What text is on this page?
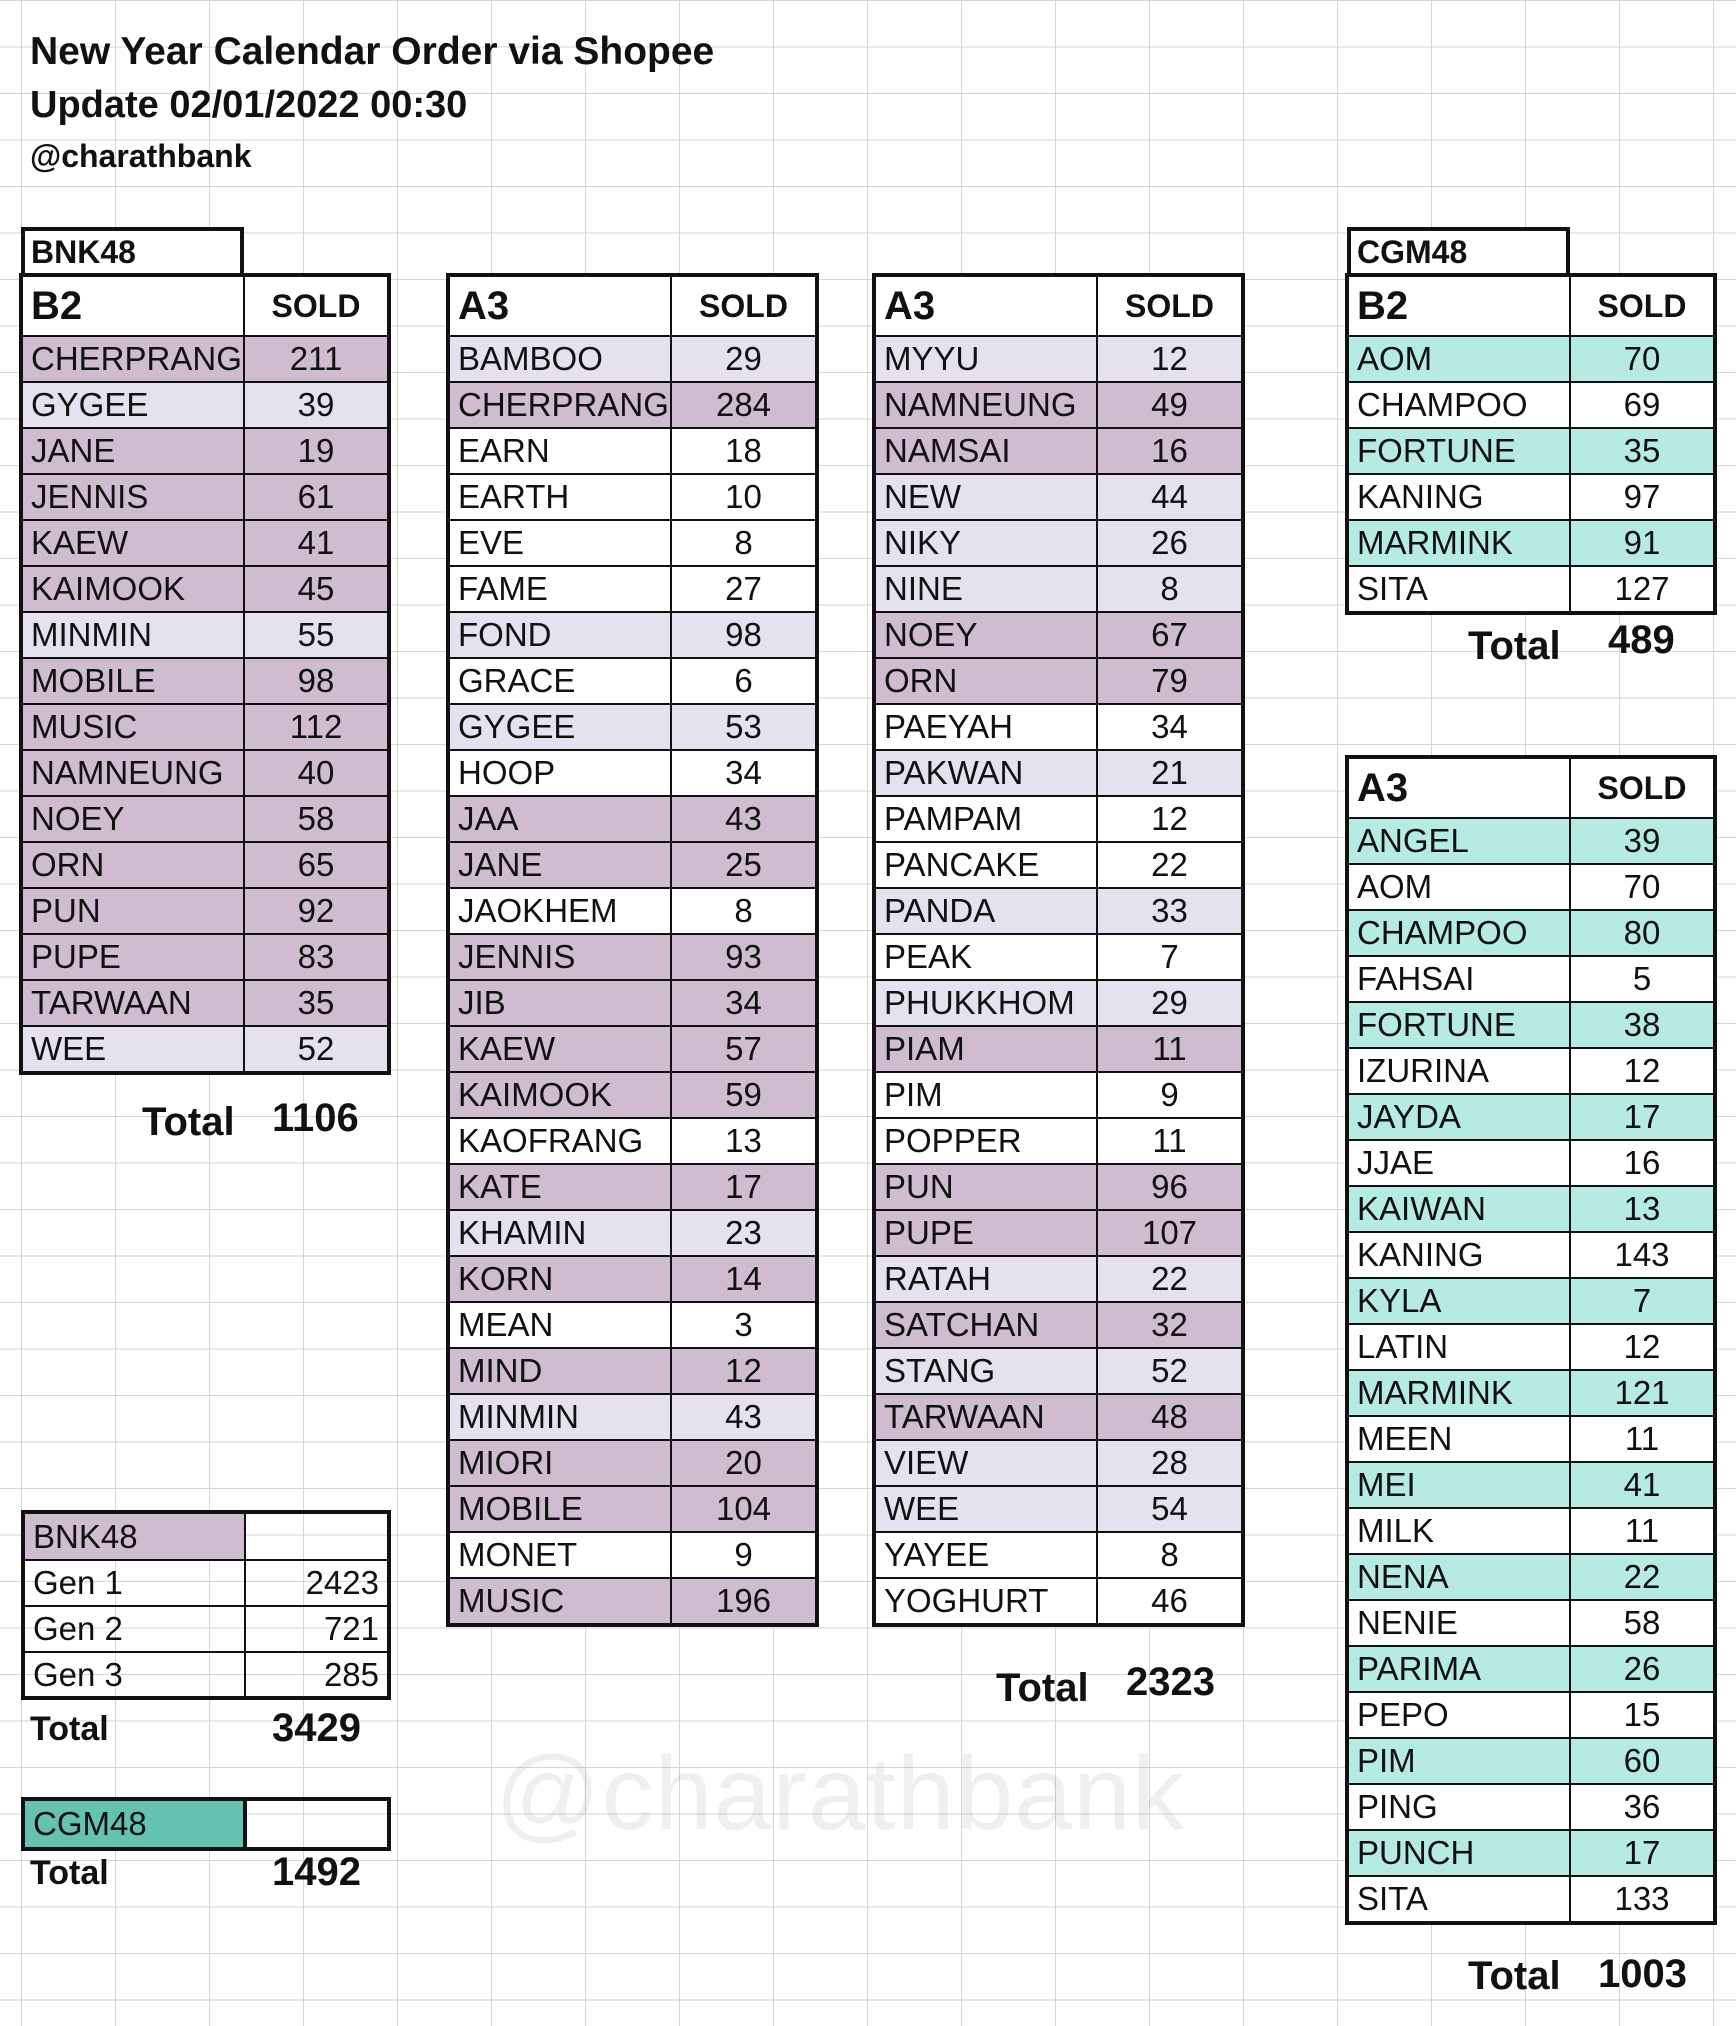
New Year Calendar Order via Shopee
Update 02/01/2022 00:30
@charathbank
BNK48
B2	SOLD
CHERPRANG	211
GYGEE	39
JANE	19
JENNIS	61
KAEW	41
KAIMOOK	45
MINMIN	55
MOBILE	98
MUSIC	112
NAMNEUNG	40
NOEY	58
ORN	65
PUN	92
PUPE	83
TARWAAN	35
WEE	52
Total 1106
A3	SOLD
BAMBOO	29
CHERPRANG	284
EARN	18
EARTH	10
EVE	8
FAME	27
FOND	98
GRACE	6
GYGEE	53
HOOP	34
JAA	43
JANE	25
JAOKHEM	8
JENNIS	93
JIB	34
KAEW	57
KAIMOOK	59
KAOFRANG	13
KATE	17
KHAMIN	23
KORN	14
MEAN	3
MIND	12
MINMIN	43
MIORI	20
MOBILE	104
MONET	9
MUSIC	196
A3	SOLD
MYYU	12
NAMNEUNG	49
NAMSAI	16
NEW	44
NIKY	26
NINE	8
NOEY	67
ORN	79
PAEYAH	34
PAKWAN	21
PAMPAM	12
PANCAKE	22
PANDA	33
PEAK	7
PHUKKHOM	29
PIAM	11
PIM	9
POPPER	11
PUN	96
PUPE	107
RATAH	22
SATCHAN	32
STANG	52
TARWAAN	48
VIEW	28
WEE	54
YAYEE	8
YOGHURT	46
Total 2323
BNK48	
Gen 1	2423
Gen 2	721
Gen 3	285
Total	3429
CGM48	
Total	1492
CGM48
B2	SOLD
AOM	70
CHAMPOO	69
FORTUNE	35
KANING	97
MARMINK	91
SITA	127
Total 489
A3	SOLD
ANGEL	39
AOM	70
CHAMPOO	80
FAHSAI	5
FORTUNE	38
IZURINA	12
JAYDA	17
JJAE	16
KAIWAN	13
KANING	143
KYLA	7
LATIN	12
MARMINK	121
MEEN	11
MEI	41
MILK	11
NENA	22
NENIE	58
PARIMA	26
PEPO	15
PIM	60
PING	36
PUNCH	17
SITA	133
Total 1003
@charathbank
